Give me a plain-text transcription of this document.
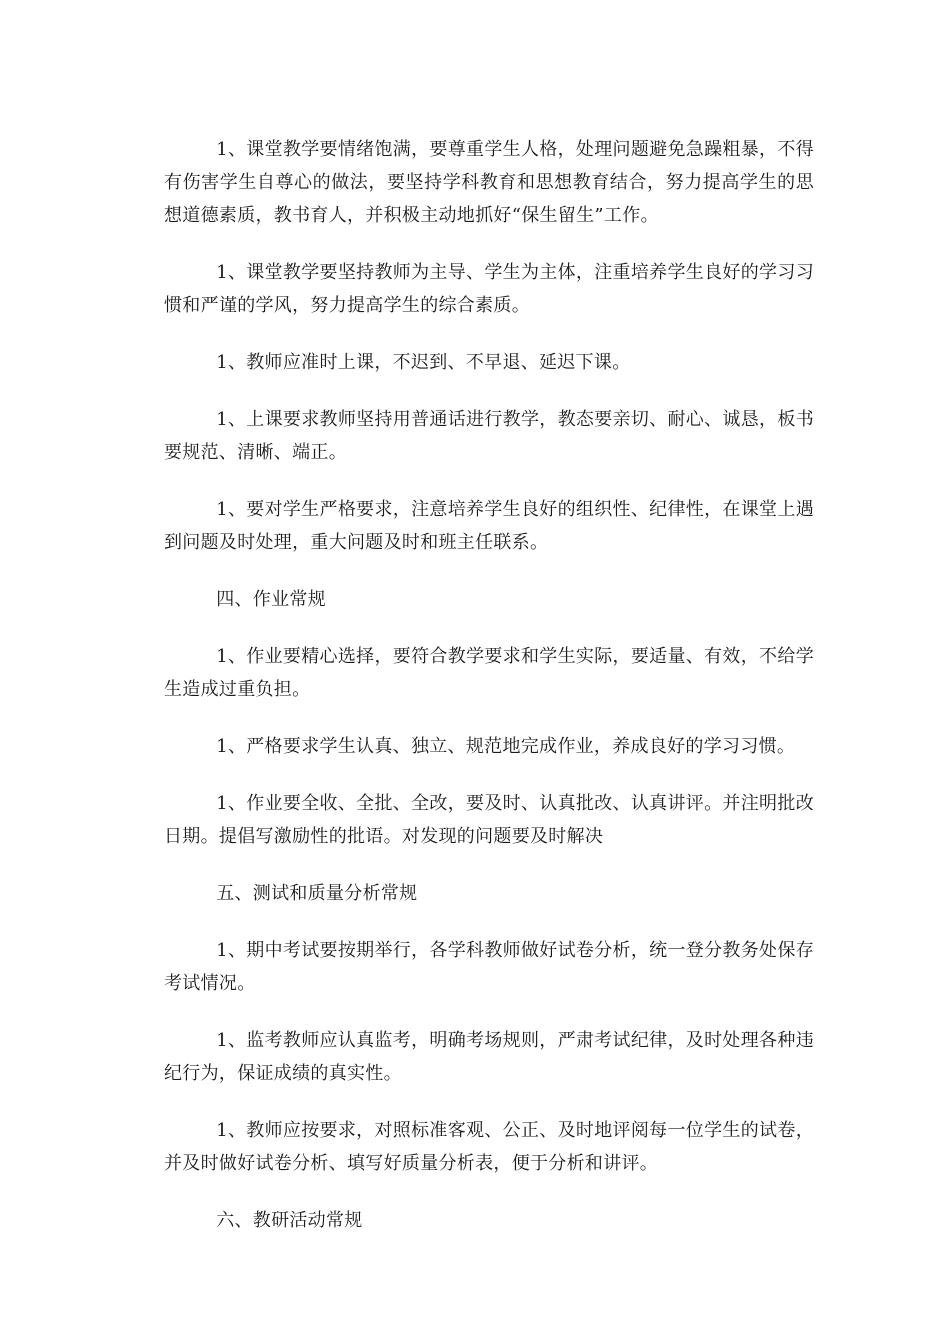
1、课堂教学要情绪饱满，要尊重学生人格，处理问题避免急躁粗暴，不得有伤害学生自尊心的做法，要坚持学科教育和思想教育结合，努力提高学生的思想道德素质，教书育人，并积极主动地抓好“保生留生”工作。

1、课堂教学要坚持教师为主导、学生为主体，注重培养学生良好的学习习惯和严谨的学风，努力提高学生的综合素质。

1、教师应准时上课，不迟到、不早退、延迟下课。

1、上课要求教师坚持用普通话进行教学，教态要亲切、耐心、诚恳，板书要规范、清晰、端正。

1、要对学生严格要求，注意培养学生良好的组织性、纪律性，在课堂上遇到问题及时处理，重大问题及时和班主任联系。

四、作业常规

1、作业要精心选择，要符合教学要求和学生实际，要适量、有效，不给学生造成过重负担。

1、严格要求学生认真、独立、规范地完成作业，养成良好的学习习惯。

1、作业要全收、全批、全改，要及时、认真批改、认真讲评。并注明批改日期。提倡写激励性的批语。对发现的问题要及时解决

五、测试和质量分析常规

1、期中考试要按期举行，各学科教师做好试卷分析，统一登分教务处保存考试情况。

1、监考教师应认真监考，明确考场规则，严肃考试纪律，及时处理各种违纪行为，保证成绩的真实性。

1、教师应按要求，对照标准客观、公正、及时地评阅每一位学生的试卷，并及时做好试卷分析、填写好质量分析表，便于分析和讲评。

六、教研活动常规
